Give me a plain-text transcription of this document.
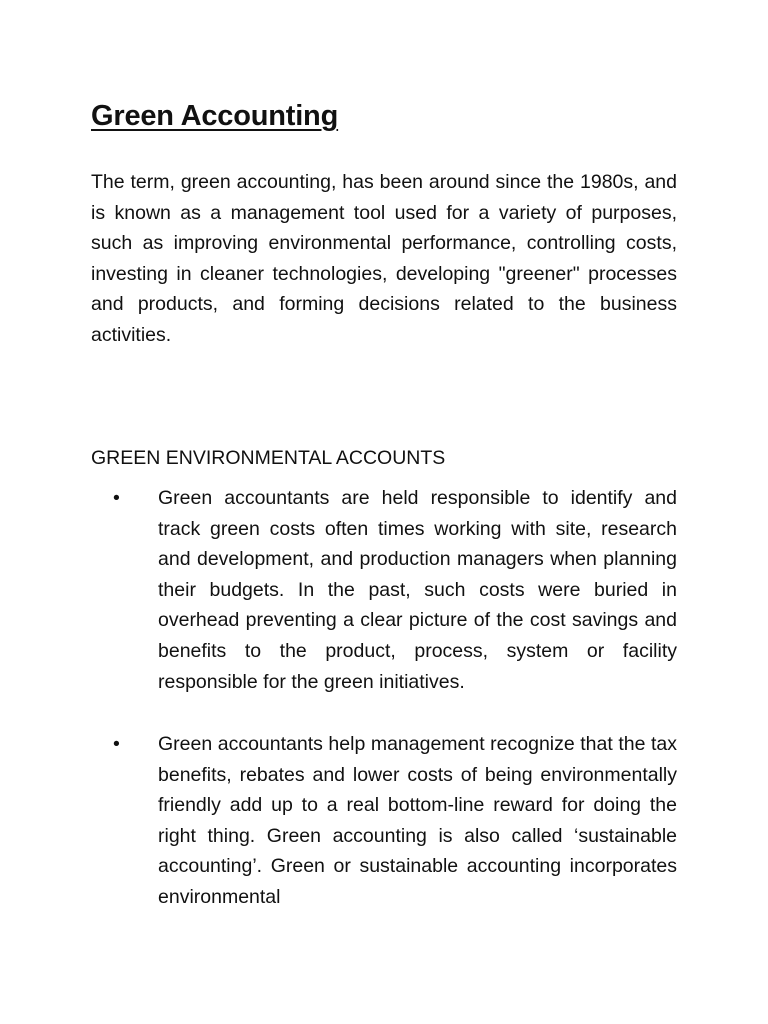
Green Accounting

The term, green accounting, has been around since the 1980s, and is known as a management tool used for a variety of purposes, such as improving environmental performance, controlling costs, investing in cleaner technologies, developing "greener" processes and products, and forming decisions related to the business activities.

GREEN ENVIRONMENTAL ACCOUNTS
• Green accountants are held responsible to identify and track green costs often times working with site, research and development, and production managers when planning their budgets. In the past, such costs were buried in overhead preventing a clear picture of the cost savings and benefits to the product, process, system or facility responsible for the green initiatives.

• Green accountants help management recognize that the tax benefits, rebates and lower costs of being environmentally friendly add up to a real bottom-line reward for doing the right thing. Green accounting is also called ‘sustainable accounting’. Green or sustainable accounting incorporates environmental
